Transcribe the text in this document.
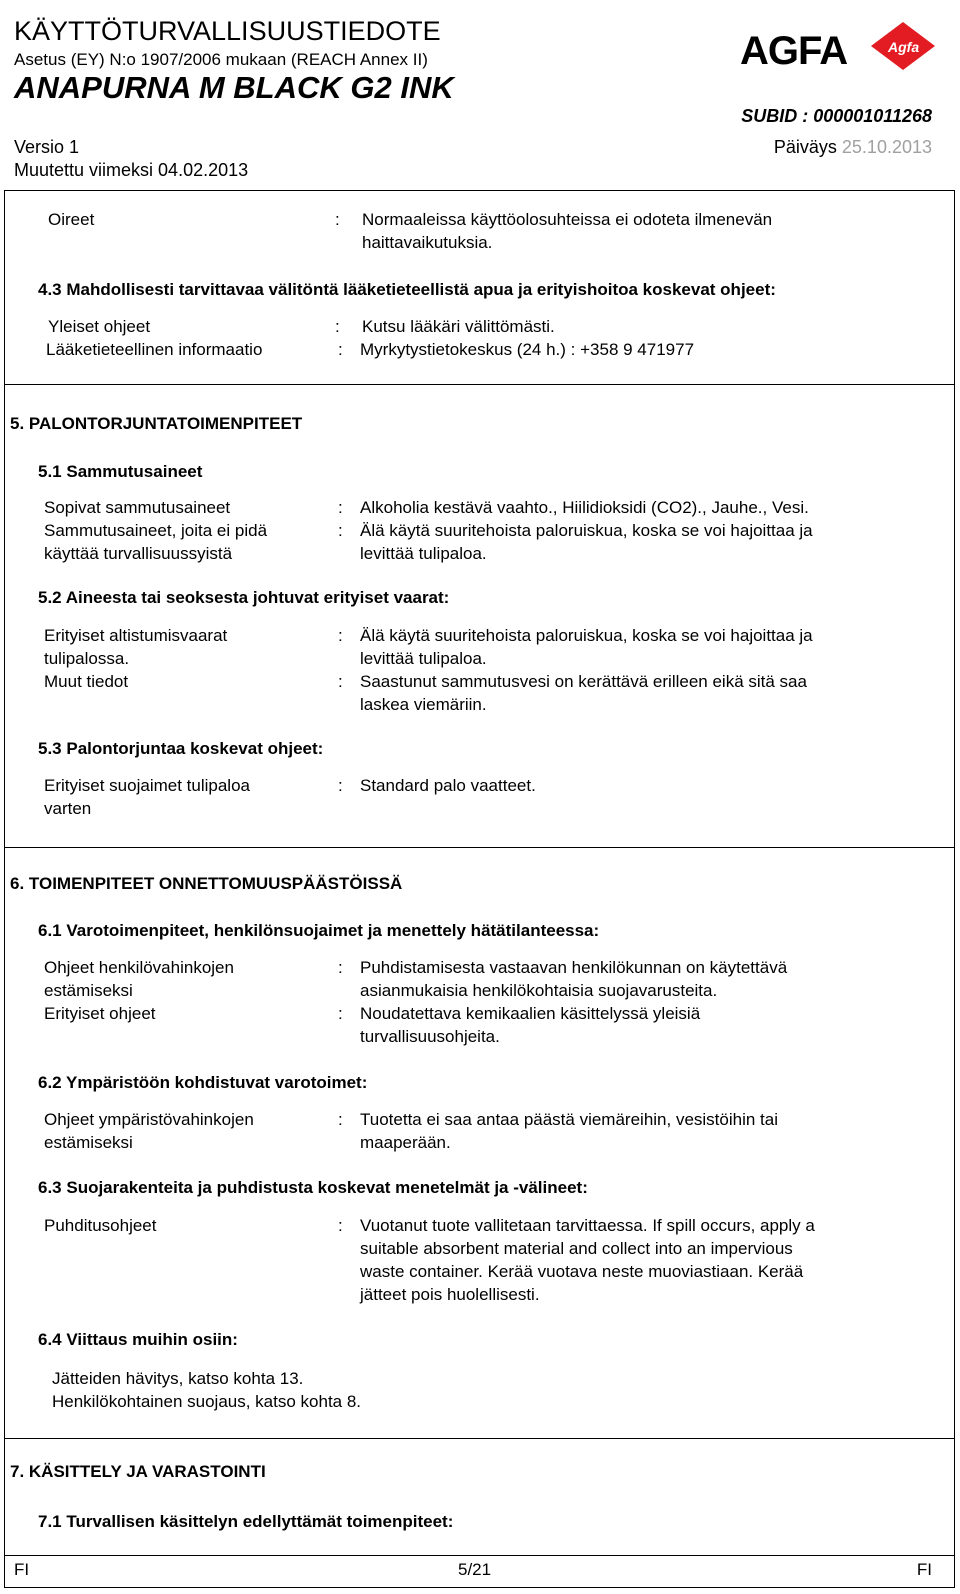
KÄYTTÖTURVALLISUUSTIEDOTE
Asetus (EY) N:o 1907/2006 mukaan (REACH Annex II)
ANAPURNA M BLACK G2 INK
SUBID : 000001011268
Versio 1	Päiväys 25.10.2013
Muutettu viimeksi 04.02.2013
AGFA	Agfa
Oireet	: Normaaleissa käyttöolosuhteissa ei odoteta ilmenevän
haittavaikutuksia.
4.3 Mahdollisesti tarvittavaa välitöntä lääketieteellistä apua ja erityishoitoa koskevat ohjeet:
Yleiset ohjeet	: Kutsu lääkäri välittömästi.
Lääketieteellinen informaatio	: Myrkytystietokeskus (24 h.) : +358 9 471977
5. PALONTORJUNTATOIMENPITEET
5.1 Sammutusaineet
Sopivat sammutusaineet	: Alkoholia kestävä vaahto., Hiilidioksidi (CO2)., Jauhe., Vesi.
Sammutusaineet, joita ei pidä
käyttää turvallisuussyistä
: Älä käytä suuritehoista paloruiskua, koska se voi hajoittaa ja
levittää tulipaloa.
5.2 Aineesta tai seoksesta johtuvat erityiset vaarat:
Erityiset altistumisvaarat
tulipalossa.
: Älä käytä suuritehoista paloruiskua, koska se voi hajoittaa ja
levittää tulipaloa.
Muut tiedot	: Saastunut sammutusvesi on kerättävä erilleen eikä sitä saa
laskea viemäriin.
5.3 Palontorjuntaa koskevat ohjeet:
Erityiset suojaimet tulipaloa
varten
: Standard palo vaatteet.
6. TOIMENPITEET ONNETTOMUUSPÄÄSTÖISSÄ
6.1 Varotoimenpiteet, henkilönsuojaimet ja menettely hätätilanteessa:
Ohjeet henkilövahinkojen
estämiseksi
: Puhdistamisesta vastaavan henkilökunnan on käytettävä
asianmukaisia henkilökohtaisia suojavarusteita.
Erityiset ohjeet	: Noudatettava kemikaalien käsittelyssä yleisiä
turvallisuusohjeita.
6.2 Ympäristöön kohdistuvat varotoimet:
Ohjeet ympäristövahinkojen
estämiseksi
: Tuotetta ei saa antaa päästä viemäreihin, vesistöihin tai
maaperään.
6.3 Suojarakenteita ja puhdistusta koskevat menetelmät ja -välineet:
Puhditusohjeet	: Vuotanut tuote vallitetaan tarvittaessa. If spill occurs, apply a
suitable absorbent material and collect into an impervious
waste container. Kerää vuotava neste muoviastiaan. Kerää
jätteet pois huolellisesti.
6.4 Viittaus muihin osiin:
Jätteiden hävitys, katso kohta 13.
Henkilökohtainen suojaus, katso kohta 8.
7. KÄSITTELY JA VARASTOINTI
7.1 Turvallisen käsittelyn edellyttämät toimenpiteet:
FI	5/21	FI
